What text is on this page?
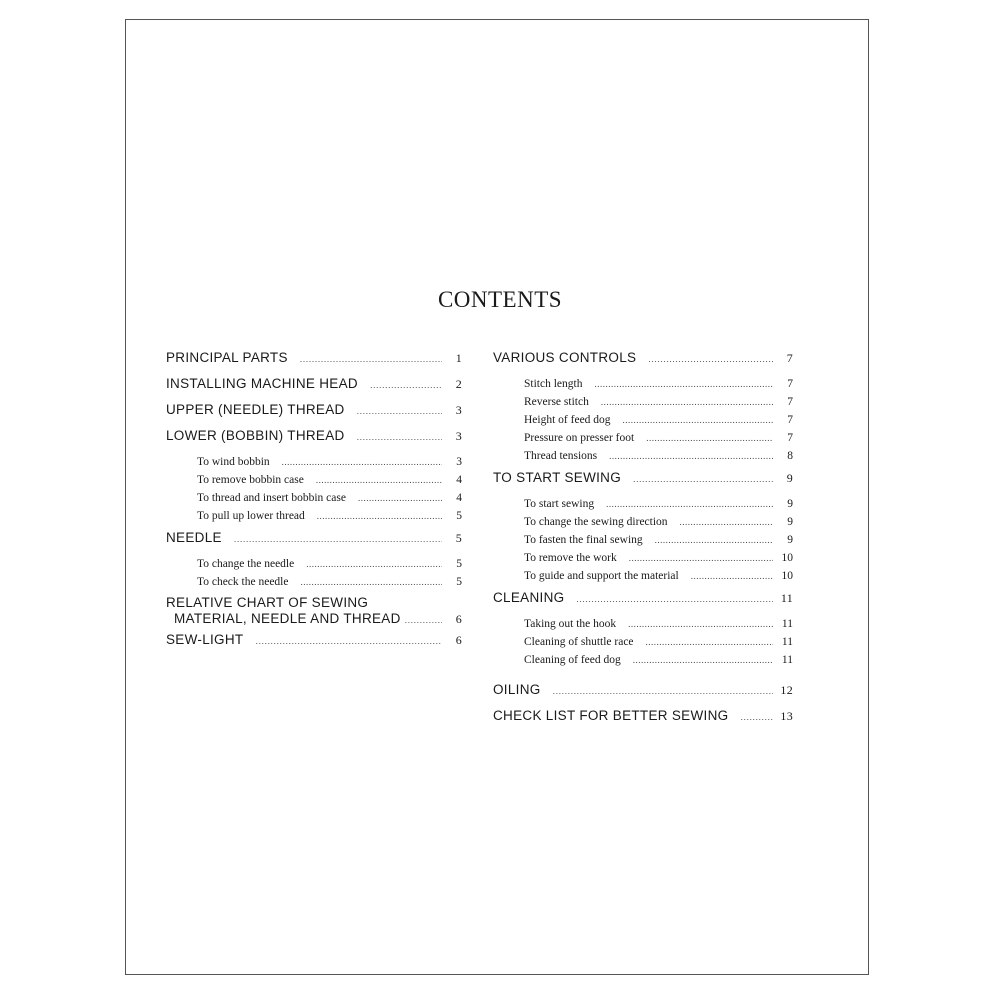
CONTENTS
PRINCIPAL PARTS .....	1
INSTALLING MACHINE HEAD .....	2
UPPER (NEEDLE) THREAD .....	3
LOWER (BOBBIN) THREAD .....	3
To wind bobbin .....	3
To remove bobbin case .....	4
To thread and insert bobbin case .....	4
To pull up lower thread .....	5
NEEDLE .....	5
To change the needle .....	5
To check the needle .....	5
RELATIVE CHART OF SEWING
MATERIAL, NEEDLE AND THREAD .....	6
SEW-LIGHT .....	6
VARIOUS CONTROLS .....	7
Stitch length .....	7
Reverse stitch .....	7
Height of feed dog .....	7
Pressure on presser foot .....	7
Thread tensions .....	8
TO START SEWING .....	9
To start sewing .....	9
To change the sewing direction .....	9
To fasten the final sewing .....	9
To remove the work .....	10
To guide and support the material .....	10
CLEANING .....	11
Taking out the hook .....	11
Cleaning of shuttle race .....	11
Cleaning of feed dog .....	11
OILING .....	12
CHECK LIST FOR BETTER SEWING .....	13
